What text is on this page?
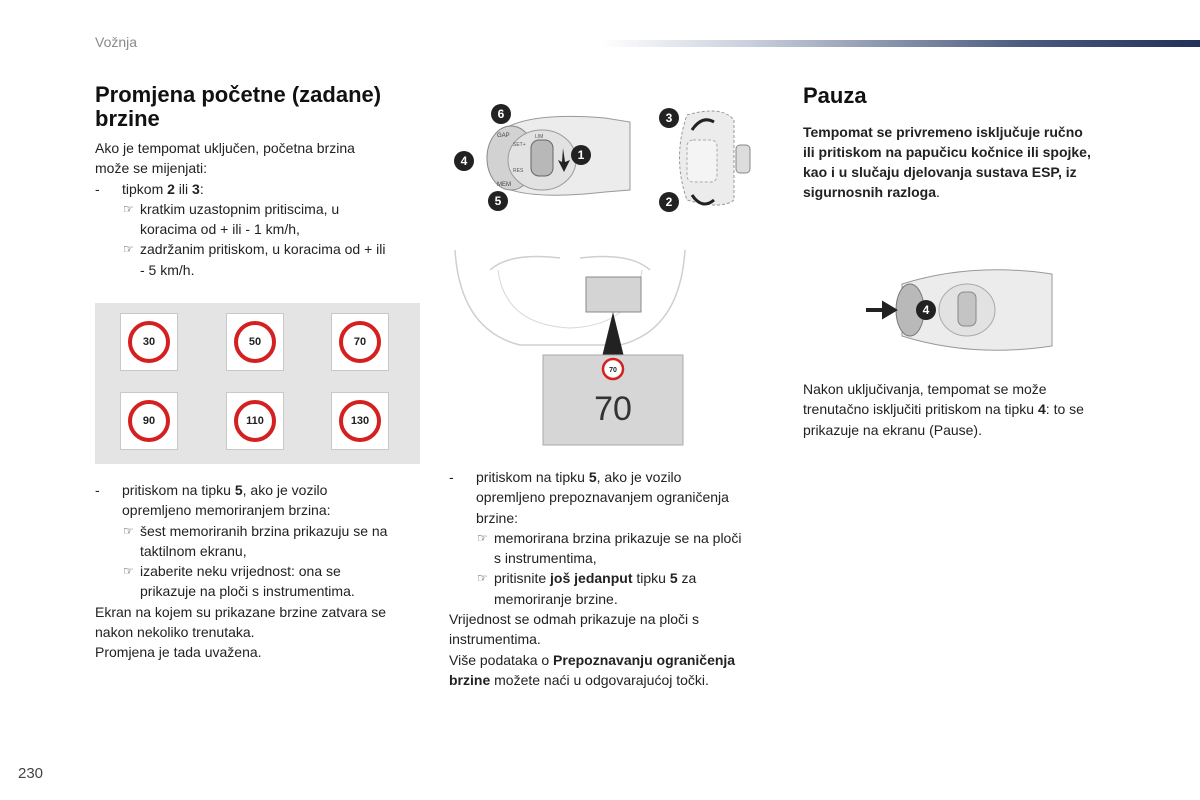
Vožnja
Promjena početne (zadane) brzine
Ako je tempomat uključen, početna brzina
može se mijenjati:
- tipkom 2 ili 3:
☞ kratkim uzastopnim pritiscima, u
koracima od + ili - 1 km/h,
☞ zadržanim pritiskom, u koracima od + ili
- 5 km/h.
30	50	70
90	110	130
- pritiskom na tipku 5, ako je vozilo
opremljeno memoriranjem brzina:
☞ šest memoriranih brzina prikazuju se na
taktilnom ekranu,
☞ izaberite neku vrijednost: ona se
prikazuje na ploči s instrumentima.
Ekran na kojem su prikazane brzine zatvara se
nakon nekoliko trenutaka.
Promjena je tada uvažena.
GAP
MEM
SET+
RES
LIM
1
6
4
5
3
2
70
70
- pritiskom na tipku 5, ako je vozilo
opremljeno prepoznavanjem ograničenja
brzine:
☞ memorirana brzina prikazuje se na ploči
s instrumentima,
☞ pritisnite još jedanput tipku 5 za
memoriranje brzine.
Vrijednost se odmah prikazuje na ploči s
instrumentima.
Više podataka o Prepoznavanju ograničenja
brzine možete naći u odgovarajućoj točki.
Pauza
Tempomat se privremeno isključuje ručno
ili pritiskom na papučicu kočnice ili spojke,
kao i u slučaju djelovanja sustava ESP, iz
sigurnosnih razloga.
4
Nakon uključivanja, tempomat se može
trenutačno isključiti pritiskom na tipku 4: to se
prikazuje na ekranu (Pause).
230
